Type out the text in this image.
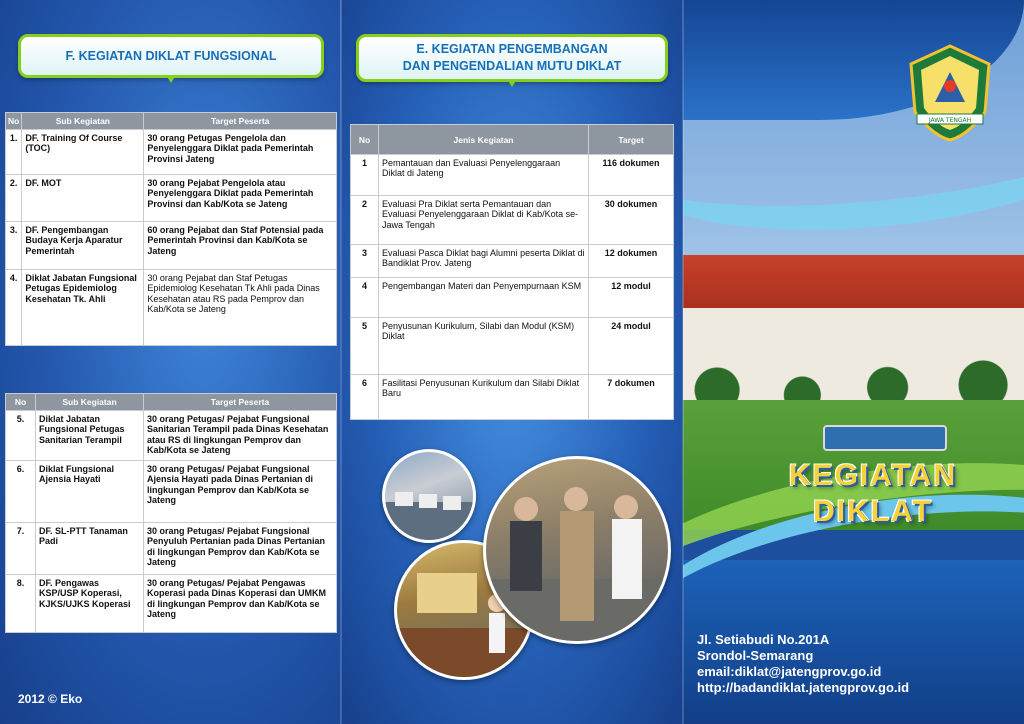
F. KEGIATAN DIKLAT FUNGSIONAL
No	Sub Kegiatan	Target Peserta
1.	DF. Training Of Course (TOC)	30 orang Petugas Pengelola dan Penyelenggara Diklat pada Pemerintah Provinsi Jateng
2.	DF. MOT	30 orang Pejabat Pengelola atau Penyelenggara Diklat pada Pemerintah Provinsi dan Kab/Kota se Jateng
3.	DF. Pengembangan Budaya Kerja Aparatur Pemerintah	60 orang Pejabat dan Staf Potensial pada Pemerintah Provinsi dan Kab/Kota se Jateng
4.	Diklat Jabatan Fungsional Petugas Epidemiolog Kesehatan Tk. Ahli	30 orang Pejabat dan Staf Petugas Epidemiolog Kesehatan Tk Ahli pada Dinas Kesehatan atau RS pada Pemprov dan Kab/Kota se Jateng
No	Sub Kegiatan	Target Peserta
5.	Diklat Jabatan Fungsional Petugas Sanitarian Terampil	30 orang Petugas/ Pejabat Fungsional Sanitarian Terampil pada Dinas Kesehatan atau RS di lingkungan Pemprov dan Kab/Kota se Jateng
6.	Diklat Fungsional Ajensia Hayati	30 orang Petugas/ Pejabat Fungsional Ajensia Hayati pada Dinas Pertanian di lingkungan Pemprov dan Kab/Kota se Jateng
7.	DF. SL-PTT Tanaman Padi	30 orang Petugas/ Pejabat Fungsional Penyuluh Pertanian pada Dinas Pertanian di lingkungan Pemprov dan Kab/Kota se Jateng
8.	DF. Pengawas KSP/USP Koperasi, KJKS/UJKS Koperasi	30 orang Petugas/ Pejabat Pengawas Koperasi pada Dinas Koperasi dan UMKM di lingkungan Pemprov dan Kab/Kota se Jateng
2012 © Eko
E. KEGIATAN PENGEMBANGAN
DAN PENGENDALIAN MUTU DIKLAT
No	Jenis Kegiatan	Target
1	Pemantauan dan Evaluasi Penyelenggaraan Diklat di Jateng	116 dokumen
2	Evaluasi Pra Diklat serta Pemantauan dan Evaluasi Penyelenggaraan Diklat di Kab/Kota se-Jawa Tengah	30 dokumen
3	Evaluasi Pasca Diklat bagi Alumni peserta Diklat di Bandiklat Prov. Jateng	12 dokumen
4	Pengembangan Materi dan Penyempurnaan KSM	12 modul
5	Penyusunan Kurikulum, Silabi dan Modul (KSM) Diklat	24 modul
6	Fasilitasi Penyusunan Kurikulum dan Silabi Diklat Baru	7 dokumen
JAWA TENGAH
KEGIATAN
DIKLAT
Jl. Setiabudi No.201A
Srondol-Semarang
email:diklat@jatengprov.go.id
http://badandiklat.jatengprov.go.id
